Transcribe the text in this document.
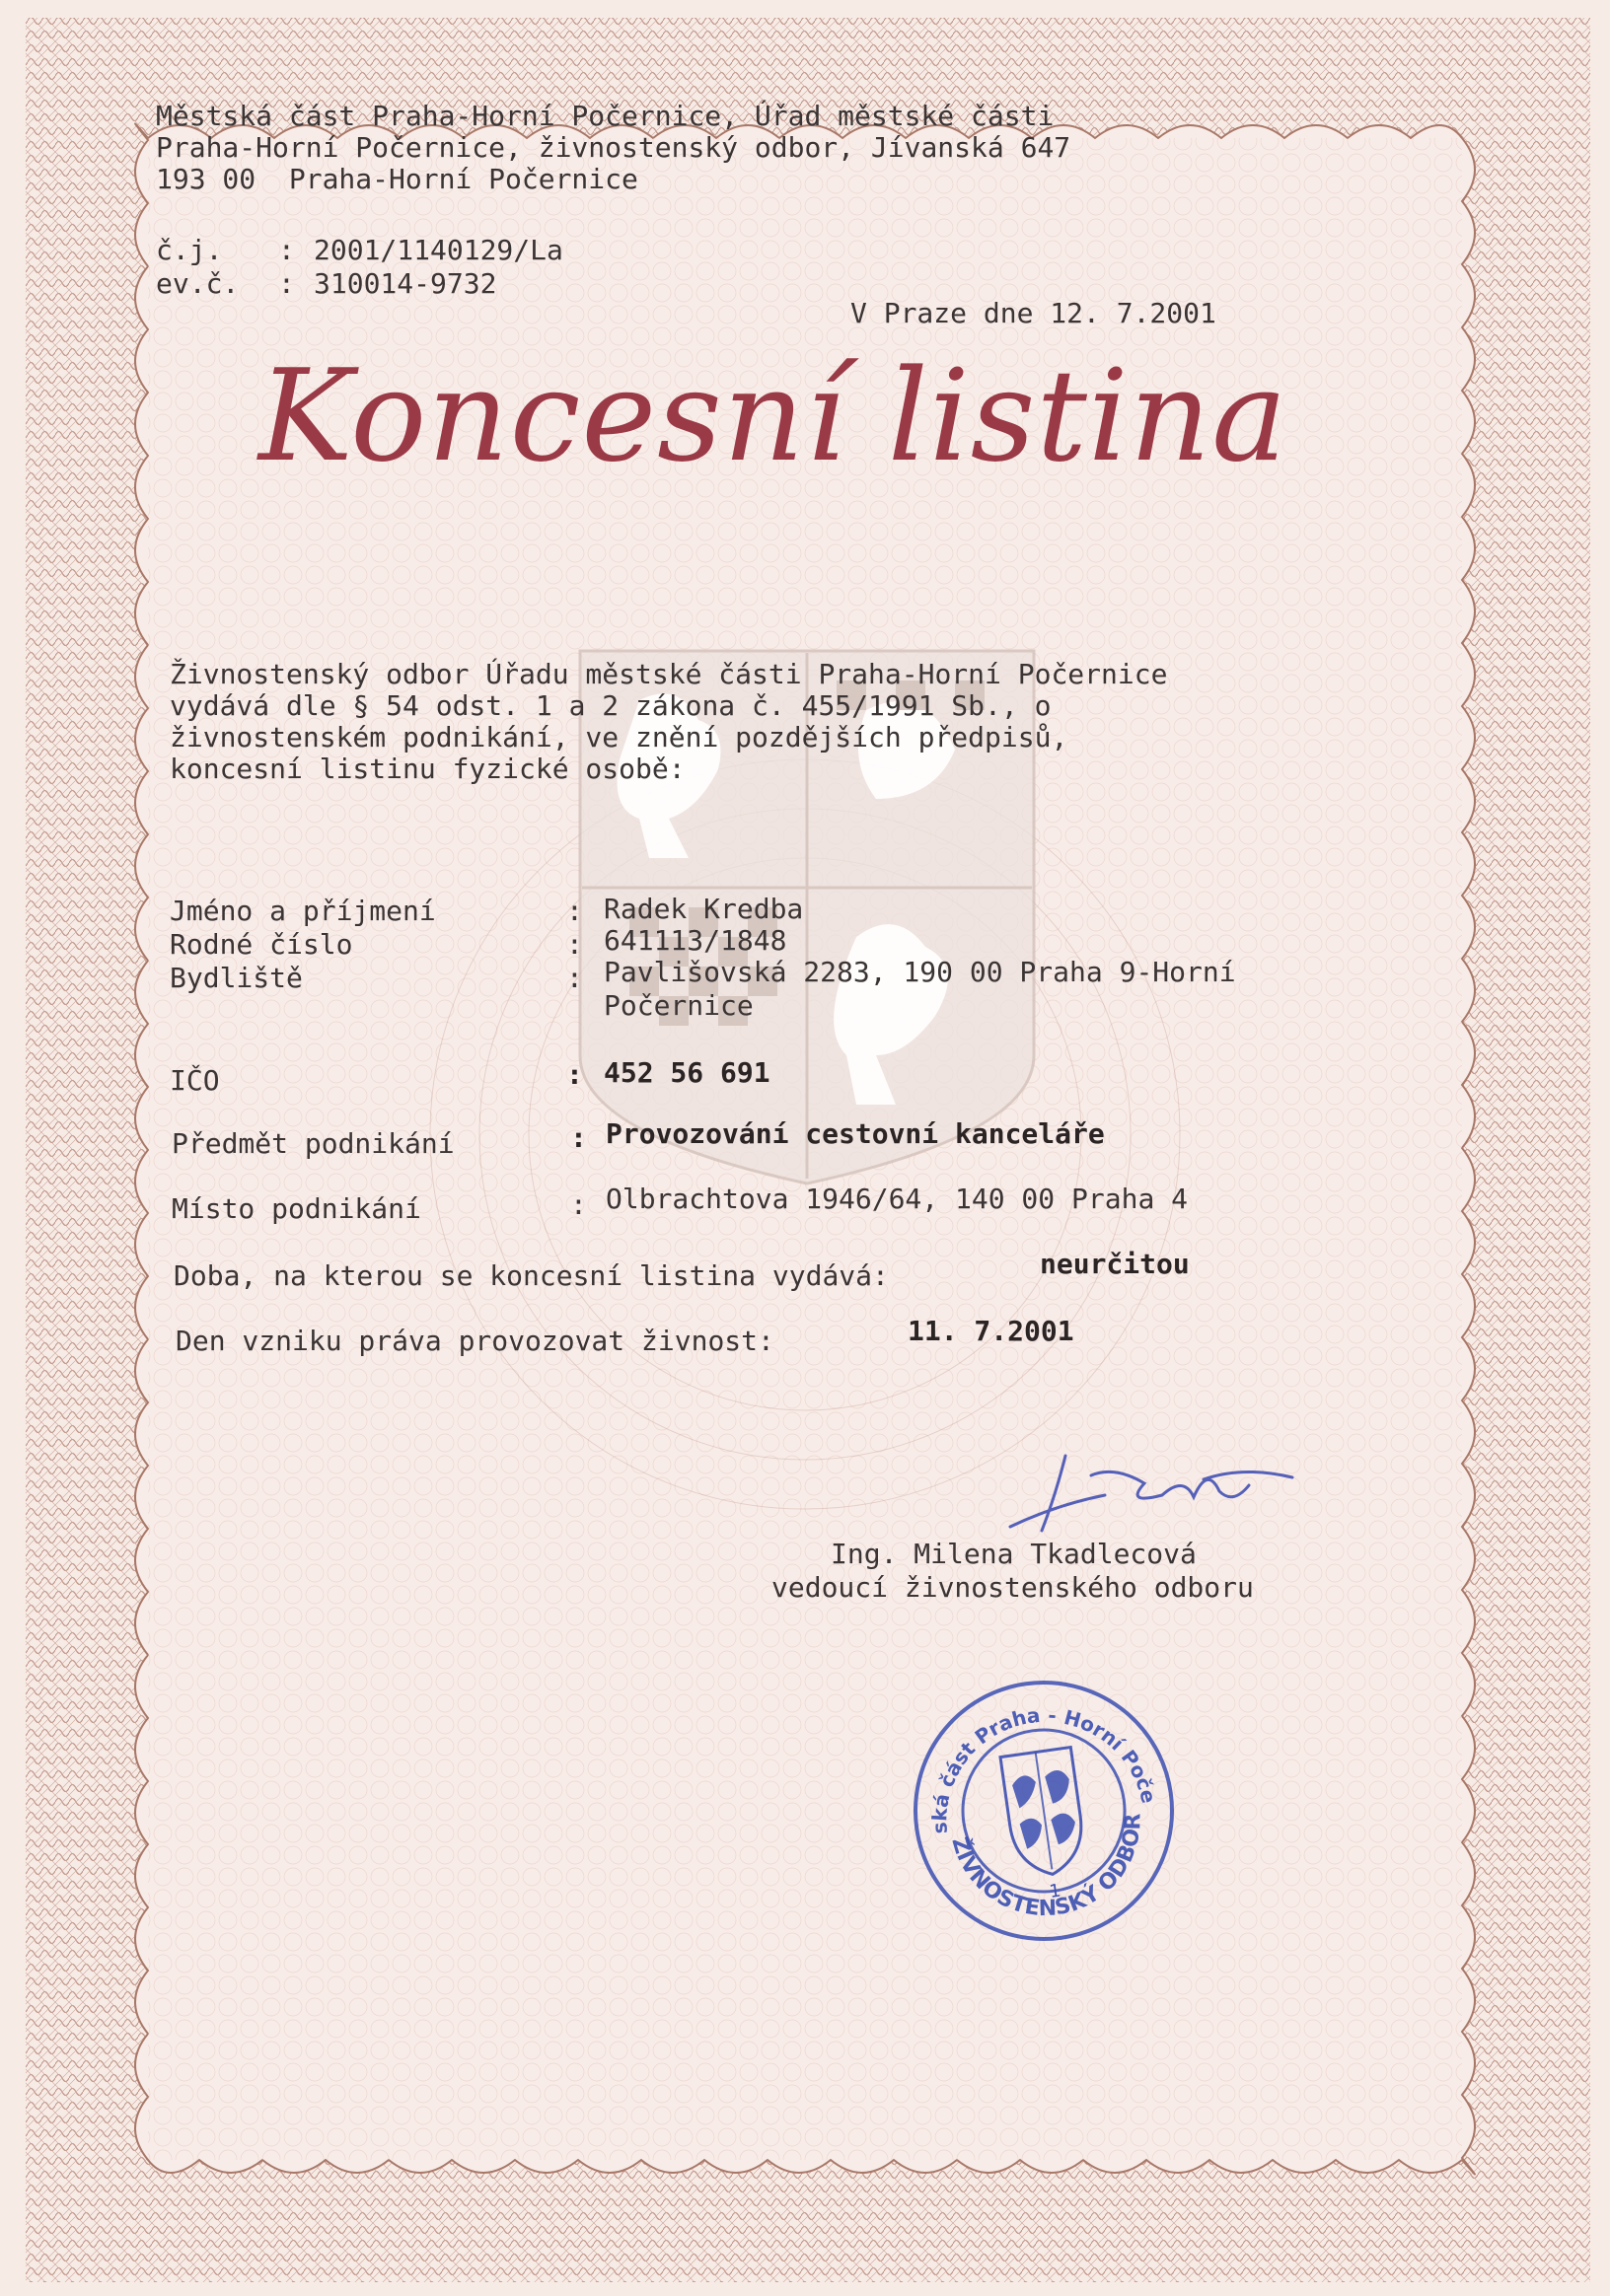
Městská část Praha-Horní Počernice, Úřad městské části
Praha-Horní Počernice, živnostenský odbor, Jívanská 647
193 00  Praha-Horní Počernice
č.j. : 2001/1140129/La
ev.č. : 310014-9732
V Praze dne 12. 7.2001
Koncesní listina
Živnostenský odbor Úřadu městské části Praha-Horní Počernice
vydává dle § 54 odst. 1 a 2 zákona č. 455/1991 Sb., o
živnostenském podnikání, ve znění pozdějších předpisů,
koncesní listinu fyzické osobě:
Jméno a příjmení	: Radek Kredba
Rodné číslo	: 641113/1848
Bydliště	: Pavlišovská 2283, 190 00 Praha 9-Horní
Počernice
IČO	: 452 56 691
Předmět podnikání	: Provozování cestovní kanceláře
Místo podnikání	: Olbrachtova 1946/64, 140 00 Praha 4
Doba, na kterou se koncesní listina vydává:	neurčitou
Den vzniku práva provozovat živnost:	11. 7.2001
Ing. Milena Tkadlecová
vedoucí živnostenského odboru
Městská část Praha - Horní Počernice
ŽIVNOSTENSKÝ ODBOR
1
